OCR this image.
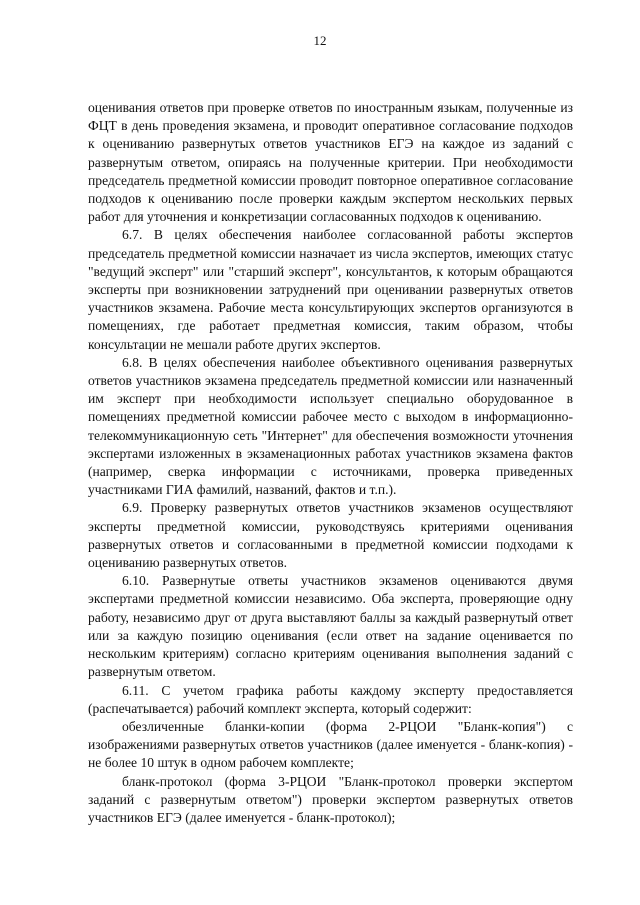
12

оценивания ответов при проверке ответов по иностранным языкам, полученные из ФЦТ в день проведения экзамена, и проводит оперативное согласование подходов к оцениванию развернутых ответов участников ЕГЭ на каждое из заданий с развернутым ответом, опираясь на полученные критерии. При необходимости председатель предметной комиссии проводит повторное оперативное согласование подходов к оцениванию после проверки каждым экспертом нескольких первых работ для уточнения и конкретизации согласованных подходов к оцениванию.

6.7. В целях обеспечения наиболее согласованной работы экспертов председатель предметной комиссии назначает из числа экспертов, имеющих статус "ведущий эксперт" или "старший эксперт", консультантов, к которым обращаются эксперты при возникновении затруднений при оценивании развернутых ответов участников экзамена. Рабочие места консультирующих экспертов организуются в помещениях, где работает предметная комиссия, таким образом, чтобы консультации не мешали работе других экспертов.

6.8. В целях обеспечения наиболее объективного оценивания развернутых ответов участников экзамена председатель предметной комиссии или назначенный им эксперт при необходимости использует специально оборудованное в помещениях предметной комиссии рабочее место с выходом в информационно-телекоммуникационную сеть "Интернет" для обеспечения возможности уточнения экспертами изложенных в экзаменационных работах участников экзамена фактов (например, сверка информации с источниками, проверка приведенных участниками ГИА фамилий, названий, фактов и т.п.).

6.9. Проверку развернутых ответов участников экзаменов осуществляют эксперты предметной комиссии, руководствуясь критериями оценивания развернутых ответов и согласованными в предметной комиссии подходами к оцениванию развернутых ответов.

6.10. Развернутые ответы участников экзаменов оцениваются двумя экспертами предметной комиссии независимо. Оба эксперта, проверяющие одну работу, независимо друг от друга выставляют баллы за каждый развернутый ответ или за каждую позицию оценивания (если ответ на задание оценивается по нескольким критериям) согласно критериям оценивания выполнения заданий с развернутым ответом.

6.11. С учетом графика работы каждому эксперту предоставляется (распечатывается) рабочий комплект эксперта, который содержит:

обезличенные бланки-копии (форма 2-РЦОИ "Бланк-копия") с изображениями развернутых ответов участников (далее именуется - бланк-копия) - не более 10 штук в одном рабочем комплекте;

бланк-протокол (форма 3-РЦОИ "Бланк-протокол проверки экспертом заданий с развернутым ответом") проверки экспертом развернутых ответов участников ЕГЭ (далее именуется - бланк-протокол);
